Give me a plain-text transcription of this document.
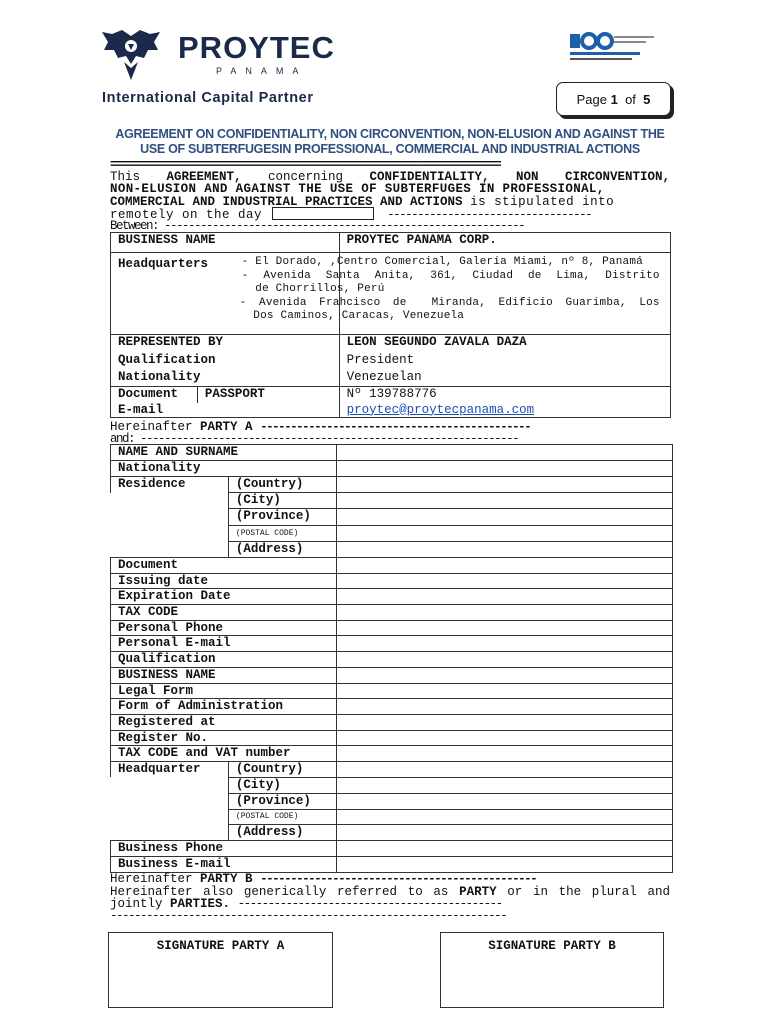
PROYTEC
PANAMA
International Capital Partner	Page
1
of
5
AGREEMENT ON CONFIDENTIALITY, NON CIRCONVENTION, NON-ELUSION AND AGAINST THE USE OF SUBTERFUGESIN PROFESSIONAL, COMMERCIAL AND INDUSTRIAL ACTIONS
=================================================================
This AGREEMENT, concerning CONFIDENTIALITY, NON CIRCONVENTION,
NON-ELUSION AND AGAINST THE USE OF SUBTERFUGES IN PROFESSIONAL,
COMMERCIAL AND INDUSTRIAL PRACTICES AND ACTIONS is stipulated into
remotely on the day	----------------------------------
Between: ------------------------------------------------------------
BUSINESS NAME	PROYTEC PANAMA CORP.
Headquarters	- El Dorado, ,Centro Comercial, Galería Miami, nº 8, Panamá
- Avenida Santa Anita, 361, Ciudad de Lima, Distrito
de Chorrillos, Perú
- Avenida Frahcisco de  Miranda, Edificio Guarimba, Los
Dos Caminos, Caracas, Venezuela
REPRESENTED BY		LEON SEGUNDO ZAVALA DAZA
Qualification		President
Nationality		Venezuelan
Document	PASSPORT	Nº 139788776
E-mail		proytec@proytecpanama.com
Hereinafter PARTY A ---------------------------------------------
and: ---------------------------------------------------------------
NAME AND SURNAME		
Nationality		
Residence	(Country)	
	(City)	
	(Province)	
	(POSTAL CODE)	
	(Address)	
Document	
Issuing date	
Expiration Date	
TAX CODE	
Personal Phone	
Personal E-mail	
Qualification	
BUSINESS NAME	
Legal Form	
Form of Administration	
Registered at	
Register No.	
TAX CODE and VAT number	
Headquarter	(Country)	
	(City)	
	(Province)	
	(POSTAL CODE)	
	(Address)	
Business Phone	
Business E-mail	
Hereinafter PARTY B ----------------------------------------------
Hereinafter also generically referred to as PARTY or in the plural and
jointly PARTIES. --------------------------------------------
------------------------------------------------------------------
SIGNATURE PARTY A	SIGNATURE PARTY B
